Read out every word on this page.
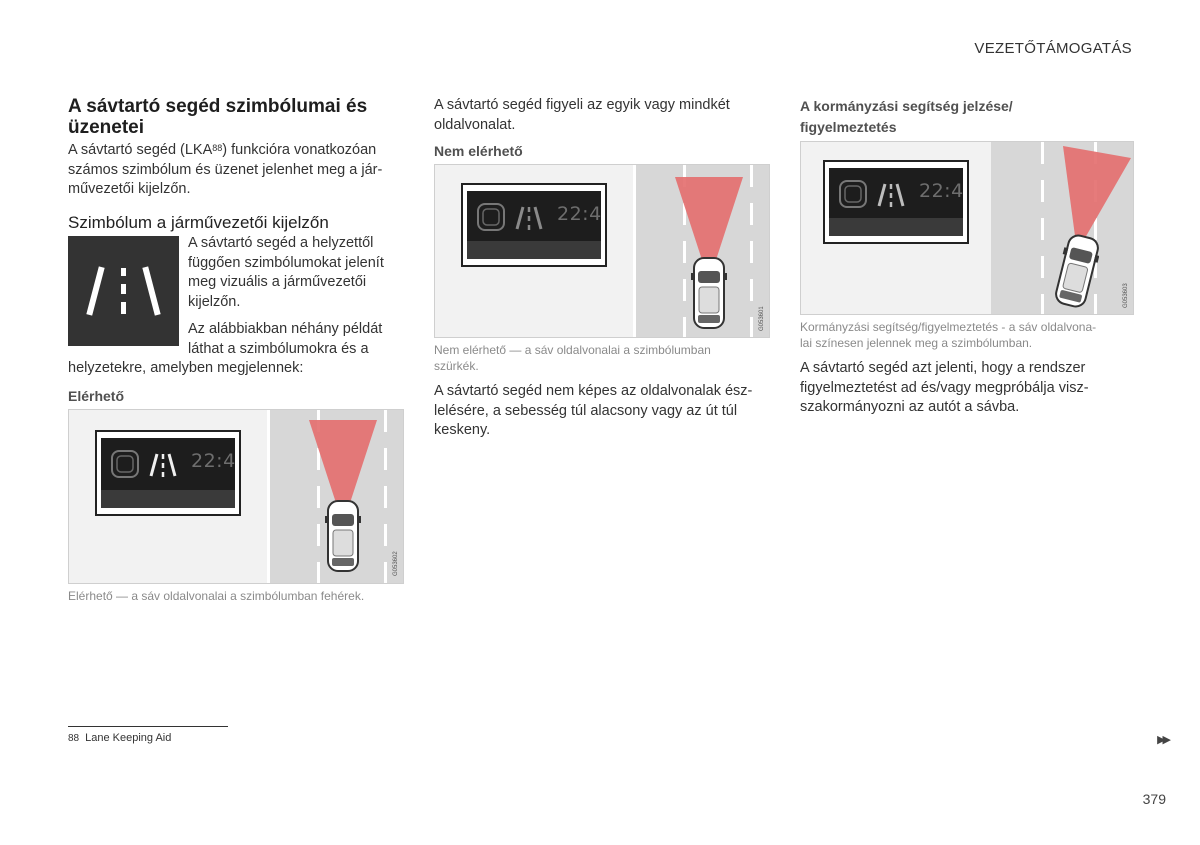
VEZETŐTÁMOGATÁS
A sávtartó segéd szimbólumai és
üzenetei

A sávtartó segéd (LKA$^{88}$) funkcióra vonatkozóan
számos szimbólum és üzenet jelenhet meg a jár-
művezetői kijelzőn.

Szimbólum a járművezetői kijelzőn

A sávtartó segéd a helyzettől
függően szimbólumokat jelenít
meg vizuális a járművezetői
kijelzőn.

Az alábbiakban néhány példát
láthat a szimbólumokra és a

helyzetekre, amelyben megjelennek:

Elérhető
22:4
G053602

Elérhető — a sáv oldalvonalai a szimbólumban fehérek.

A sávtartó segéd figyeli az egyik vagy mindkét
oldalvonalat.

Nem elérhető
22:4
G053601

Nem elérhető — a sáv oldalvonalai a szimbólumban
szürkék.

A sávtartó segéd nem képes az oldalvonalak ész-
lelésére, a sebesség túl alacsony vagy az út túl
keskeny.

A kormányzási segítség jelzése/
figyelmeztetés
22:4
G053603

Kormányzási segítség/figyelmeztetés - a sáv oldalvona-
lai színesen jelennek meg a szimbólumban.

A sávtartó segéd azt jelenti, hogy a rendszer
figyelmeztetést ad és/vagy megpróbálja visz-
szakormányozni az autót a sávba.

88 Lane Keeping Aid	▶▶
379
